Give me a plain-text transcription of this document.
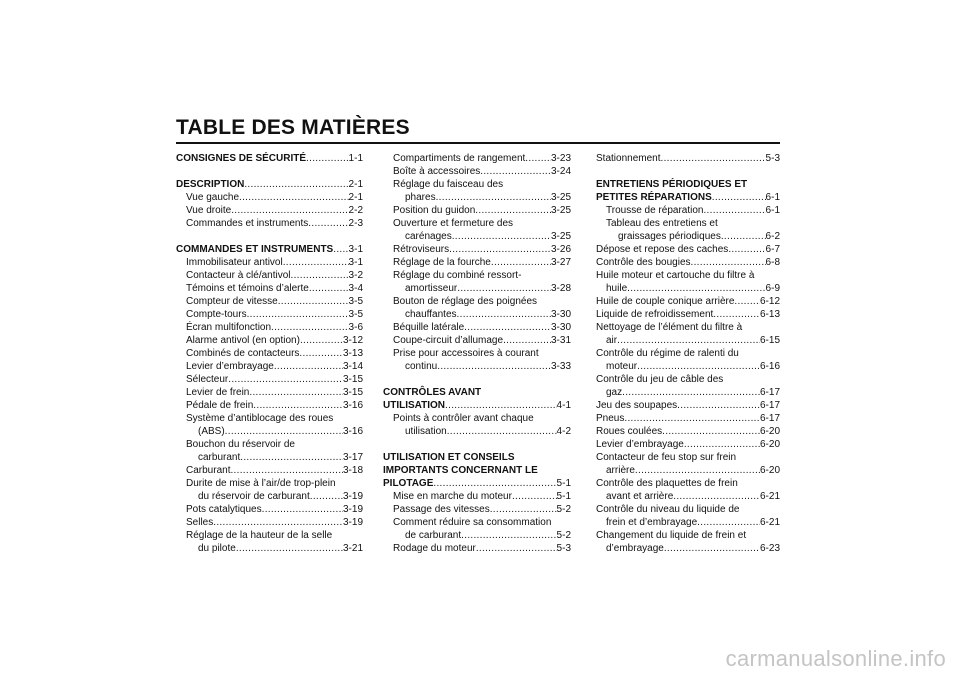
TABLE DES MATIÈRES
CONSIGNES DE SÉCURITÉ .....	1-1
DESCRIPTION .....	2-1
Vue gauche .....	2-1
Vue droite .....	2-2
Commandes et instruments .....	2-3
COMMANDES ET INSTRUMENTS ..... 3-1
Immobilisateur antivol .....	3-1
Contacteur à clé/antivol .....	3-2
Témoins et témoins d’alerte .....	3-4
Compteur de vitesse .....	3-5
Compte-tours .....	3-5
Écran multifonction .....	3-6
Alarme antivol (en option) .....	3-12
Combinés de contacteurs .....	3-13
Levier d’embrayage .....	3-14
Sélecteur .....	3-15
Levier de frein .....	3-15
Pédale de frein .....	3-16
Système d’antiblocage des roues
(ABS) .....	3-16
Bouchon du réservoir de
carburant .....	3-17
Carburant .....	3-18
Durite de mise à l’air/de trop-plein
du réservoir de carburant .....	3-19
Pots catalytiques .....	3-19
Selles .....	3-19
Réglage de la hauteur de la selle
du pilote .....	3-21
Compartiments de rangement .....	3-23
Boîte à accessoires .....	3-24
Réglage du faisceau des
phares .....	3-25
Position du guidon .....	3-25
Ouverture et fermeture des
carénages .....	3-25
Rétroviseurs .....	3-26
Réglage de la fourche .....	3-27
Réglage du combiné ressort-
amortisseur .....	3-28
Bouton de réglage des poignées
chauffantes .....	3-30
Béquille latérale .....	3-30
Coupe-circuit d’allumage .....	3-31
Prise pour accessoires à courant
continu .....	3-33
CONTRÔLES AVANT
UTILISATION .....	4-1
Points à contrôler avant chaque
utilisation .....	4-2
UTILISATION ET CONSEILS
IMPORTANTS CONCERNANT LE
PILOTAGE .....	5-1
Mise en marche du moteur .....	5-1
Passage des vitesses .....	5-2
Comment réduire sa consommation
de carburant .....	5-2
Rodage du moteur .....	5-3
Stationnement .....	5-3
ENTRETIENS PÉRIODIQUES ET
PETITES RÉPARATIONS .....	6-1
Trousse de réparation .....	6-1
Tableau des entretiens et
graissages périodiques .....	6-2
Dépose et repose des caches .....	6-7
Contrôle des bougies .....	6-8
Huile moteur et cartouche du filtre à
huile .....	6-9
Huile de couple conique arrière .....	6-12
Liquide de refroidissement .....	6-13
Nettoyage de l’élément du filtre à
air .....	6-15
Contrôle du régime de ralenti du
moteur .....	6-16
Contrôle du jeu de câble des
gaz .....	6-17
Jeu des soupapes .....	6-17
Pneus .....	6-17
Roues coulées .....	6-20
Levier d’embrayage .....	6-20
Contacteur de feu stop sur frein
arrière .....	6-20
Contrôle des plaquettes de frein
avant et arrière .....	6-21
Contrôle du niveau du liquide de
frein et d’embrayage .....	6-21
Changement du liquide de frein et
d’embrayage .....	6-23
carmanualsonline.info
